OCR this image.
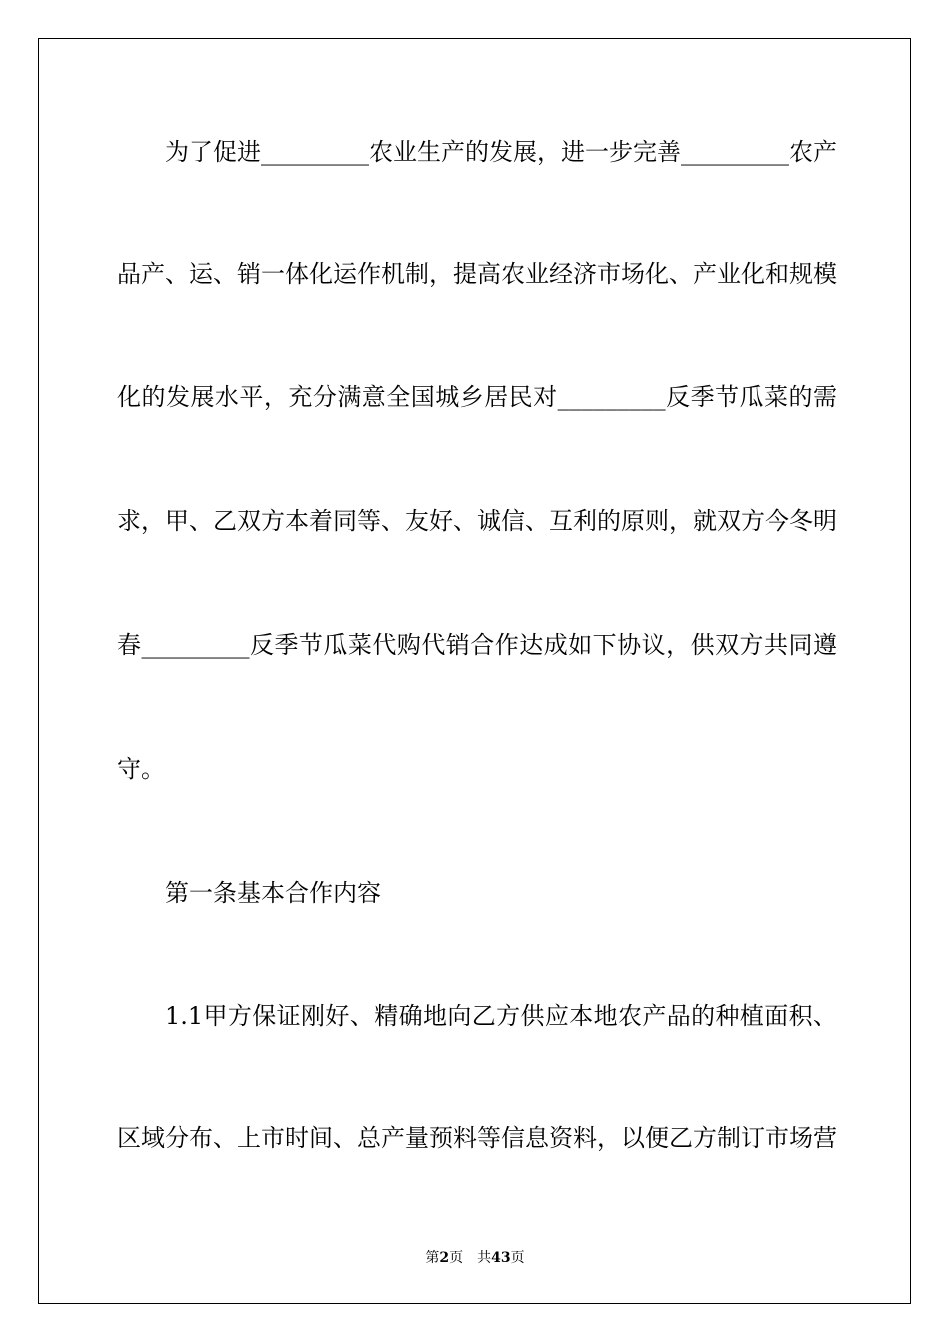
为了促进_________农业生产的发展，进一步完善_________农产
品产、运、销一体化运作机制，提高农业经济市场化、产业化和规模
化的发展水平，充分满意全国城乡居民对_________反季节瓜菜的需
求，甲、乙双方本着同等、友好、诚信、互利的原则，就双方今冬明
春_________反季节瓜菜代购代销合作达成如下协议，供双方共同遵
守。
第一条基本合作内容
1.1甲方保证刚好、精确地向乙方供应本地农产品的种植面积、
区域分布、上市时间、总产量预料等信息资料，以便乙方制订市场营
第2页 共43页
